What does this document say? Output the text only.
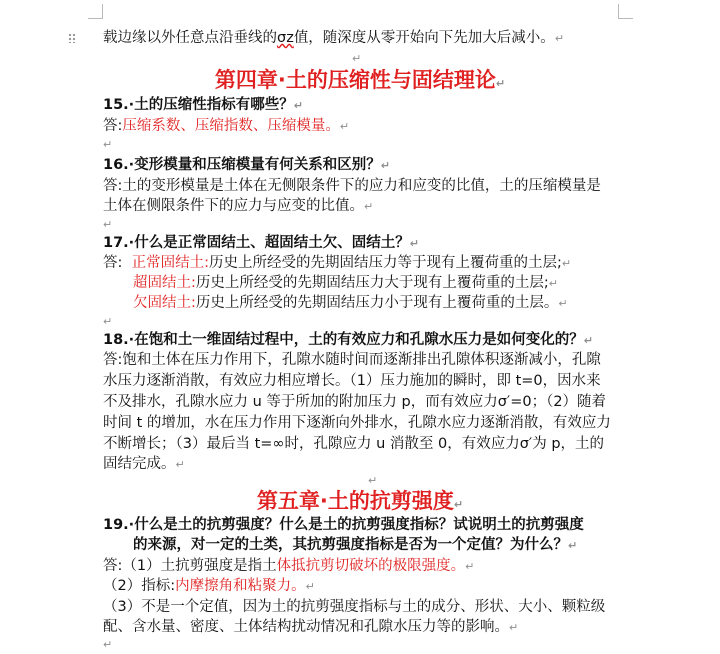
载边缘以外任意点沿垂线的σz值，随深度从零开始向下先加大后减小。↵
↵
第四章·土的压缩性与固结理论↵
15.·土的压缩性指标有哪些？↵
答:压缩系数、压缩指数、压缩模量。↵
↵
16.·变形模量和压缩模量有何关系和区别？↵
答:土的变形模量是土体在无侧限条件下的应力和应变的比值，土的压缩模量是
土体在侧限条件下的应力与应变的比值。↵
↵
17.·什么是正常固结土、超固结土欠、固结土？↵
答: 正常固结土:历史上所经受的先期固结压力等于现有上覆荷重的土层;↵
超固结土:历史上所经受的先期固结压力大于现有上覆荷重的土层;↵
欠固结土:历史上所经受的先期固结压力小于现有上覆荷重的土层。↵
↵
18.·在饱和土一维固结过程中，土的有效应力和孔隙水压力是如何变化的？↵
答:饱和土体在压力作用下，孔隙水随时间而逐渐排出孔隙体积逐渐减小，孔隙
水压力逐渐消散，有效应力相应增长。（1）压力施加的瞬时，即 t=0，因水来
不及排水，孔隙水应力 u 等于所加的附加压力 p，而有效应力σ′=0；（2）随着
时间 t 的增加，水在压力作用下逐渐向外排水，孔隙水应力逐渐消散，有效应力
不断增长；（3）最后当 t=∞时，孔隙应力 u 消散至 0，有效应力σ′为 p，土的
固结完成。↵
↵
第五章·土的抗剪强度↵
19.·什么是土的抗剪强度？什么是土的抗剪强度指标？试说明土的抗剪强度
的来源，对一定的土类，其抗剪强度指标是否为一个定值？为什么？↵
答:（1）土抗剪强度是指土体抵抗剪切破坏的极限强度。↵
（2）指标:内摩擦角和粘聚力。↵
（3）不是一个定值，因为土的抗剪强度指标与土的成分、形状、大小、颗粒级
配、含水量、密度、土体结构扰动情况和孔隙水压力等的影响。↵
↵
